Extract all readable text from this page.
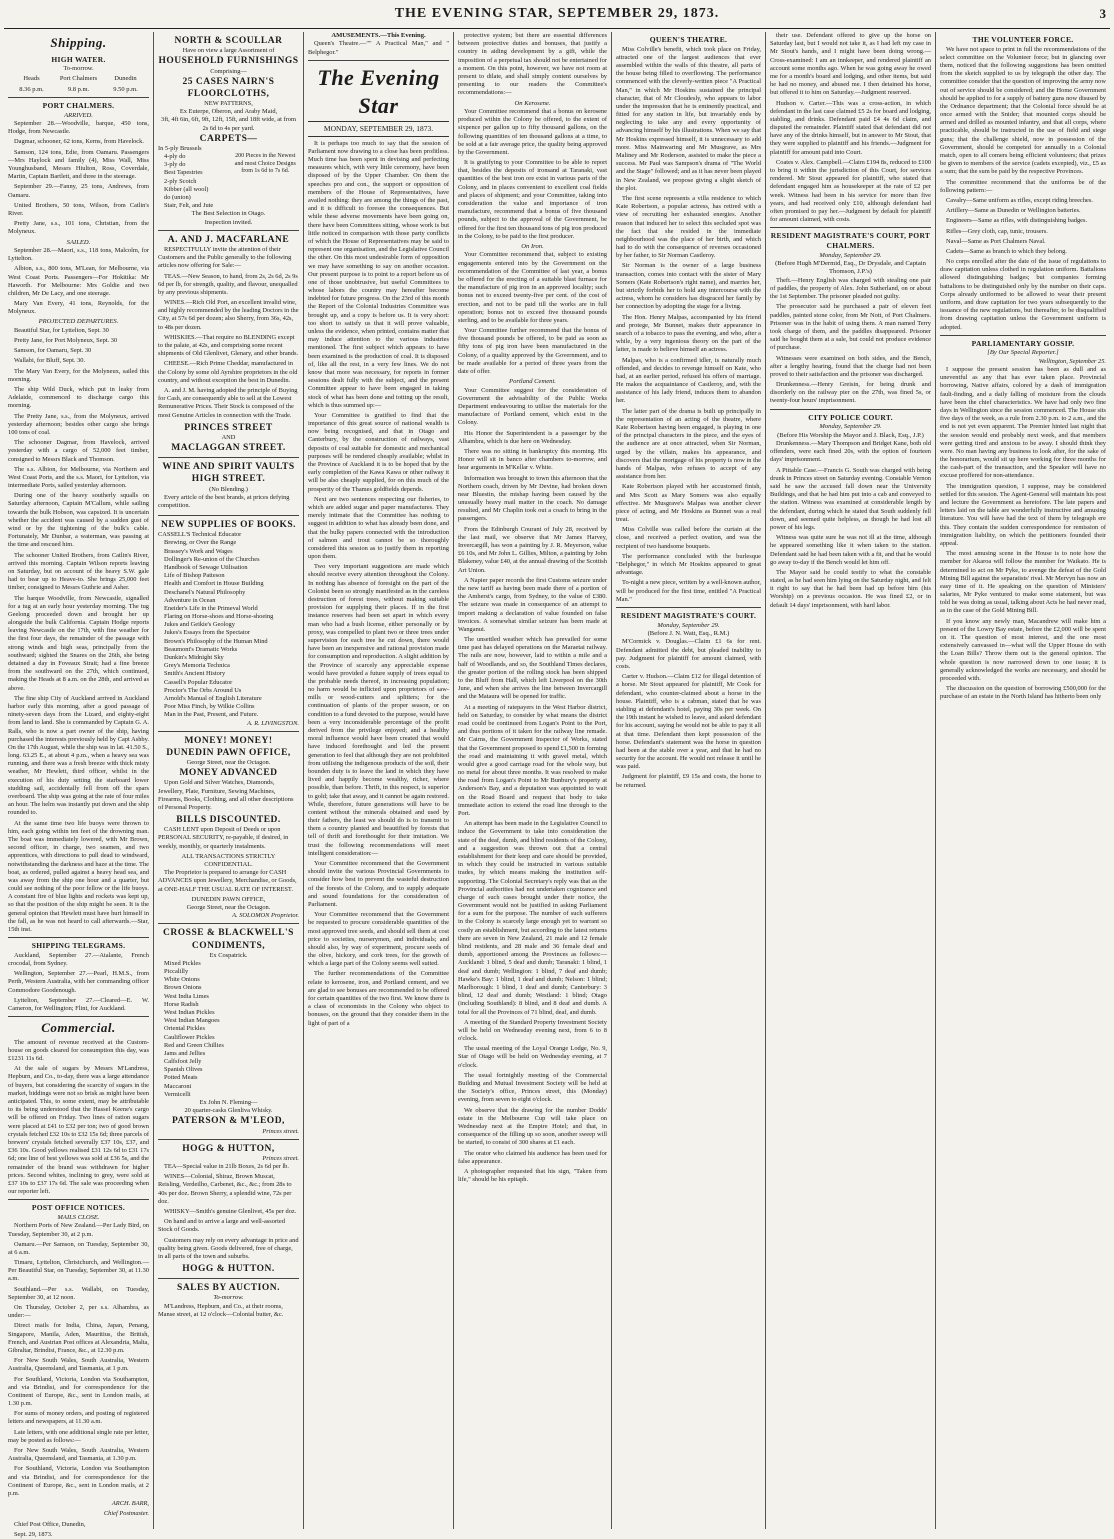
THE EVENING STAR, SEPTEMBER 29, 1873.	3
Shipping.
HIGH WATER.
To-morrow.
Heads	Port Chalmers	Dunedin
8.36 p.m.	9.8 p.m.	9.50 p.m.
PORT CHALMERS.
ARRIVED.

September 28.—Woodville, barque, 450 tons, Hodge, from Newcastle.

Dagmar, schooner, 62 tons, Kerns, from Havelock.

Samson, 124 tons, Edie, from Oamaru. Passengers—Mrs Haylock and family (4), Miss Wall, Miss Younghusband, Messrs Hiulton, Ross, Coverdale, Martin, Captain Bartlett, and three in the steerage.

September 29.—Fanny, 25 tons, Andrews, from Oamaru.

United Brothers, 50 tons, Wilson, from Catlin's River.

Pretty Jane, s.s., 101 tons, Christian, from the Molyneux.

SAILED.

September 28.—Maori, s.s., 118 tons, Malcolm, for Lyttelton.

Albion, s.s., 800 tons, M'Lean, for Melbourne, via West Coast Ports. Passengers—For Hokitika: Mr Haworth. For Melbourne: Mrs Goldie and two children, Mr De Lacy, and one steerage.

Mary Van Every, 41 tons, Reynolds, for the Molyneux.

PROJECTED DEPARTURES.

Beautiful Star, for Lyttelton, Sept. 30

Pretty Jane, for Port Molyneux, Sept. 30

Samson, for Oamaru, Sept. 30

Wallabi, for Bluff, Sept. 30.

The Mary Van Every, for the Molyneux, sailed this morning.

The ship Wild Duck, which put in leaky from Adelaide, commenced to discharge cargo this morning.

The Pretty Jane, s.s., from the Molyneux, arrived yesterday afternoon; besides other cargo she brings 100 tons of coal.

The schooner Dagmar, from Havelock, arrived yesterday with a cargo of 52,000 feet timber, consigned to Messrs Black and Thomson.

The s.s. Albion, for Melbourne, via Northern and West Coast Ports, and the s.s. Maori, for Lyttelton, via intermediate Ports, sailed yesterday afternoon.

During one of the heavy southerly squalls on Saturday afternoon, Captain M'Callum, while sailing towards the bulk Hobson, was capsized. It is uncertain whether the accident was caused by a sudden gust of wind or by the tightening of the bulk's cable. Fortunately, Mr Dunbar, a waterman, was passing at the time and rescued him.

The schooner United Brothers, from Catlin's River, arrived this morning. Captain Wilson reports leaving on Saturday, but on account of the heavy S.W. gale had to bear up to Heave-to. She brings 25,000 feet timber, consigned to Messrs Guthrie and Asher.

The barque Woodville, from Newcastle, signalled for a tug at an early hour yesterday morning. The tug Geelong proceeded down and brought her up alongside the bulk California. Captain Hodge reports leaving Newcastle on the 17th, with fine weather for the first four days, the remainder of the passage with strong winds and high seas, principally from the southward; sighted the Snares on the 26th, she being detained a day in Foveaux Strait; had a fine breeze from the southward on the 27th, which continued, making the Heads at 8 a.m. on the 28th, and arrived as above.

The fine ship City of Auckland arrived in Auckland harbor early this morning, after a good passage of ninety-seven days from the Lizard, and eighty-eight from land to land. She is commanded by Captain G. A. Ralls, who is now a part owner of the ship, having purchased the interests previously held by Capt Ashby. On the 17th August, while the ship was in lat. 41.50 S., long. 63.25 E., at about 4 p.m., when a heavy sea was running, and there was a fresh breeze with thick misty weather, Mr Hewlett, third officer, whilst in the execution of his duty setting the starboard lower studding sail, accidentally fell from off the spars overboard. The ship was going at the rate of four miles an hour. The helm was instantly put down and the ship rounded to.

At the same time two life buoys were thrown to him, each going within ten feet of the drowning man. The boat was immediately lowered, with Mr Brown, second officer, in charge, two seamen, and two apprentices, with directions to pull dead to windward, notwithstanding the darkness and haze at the time. The boat, as ordered, pulled against a heavy head sea, and was away from the ship one hour and a quarter, but could see nothing of the poor fellow or the life buoys. A constant fire of blue lights and rockets was kept up, so that the position of the ship might be seen. It is the general opinion that Hewlett must have hurt himself in the fall, as he was not heard to call afterwards.—Star, 15th inst.

SHIPPING TELEGRAMS.

Auckland, September 27.—Atalante, French crocodal, from Sydney.

Wellington, September 27.—Pearl, H.M.S., from Perth, Western Australia, with her commanding officer Commodore Goodenough.

Lyttelton, September 27.—Cleared—E. W. Cameron, for Wellington; Flint, for Auckland.

Commercial.

The amount of revenue received at the Custom-house on goods cleared for consumption this day, was £1231 11s 6d.

At the sale of sugars by Messrs M'Landress, Hepburn, and Co., to-day, there was a large attendance of buyers, but considering the scarcity of sugars in the market, biddings were not so brisk as might have been anticipated. This, to some extent, may be attributable to its being understood that the Hassel Keene's cargo will be offered on Friday. Two lines of ration sugars were placed at £41 to £32 per ton; two of good brown crystals fetched £32 10s to £32 15s 6d; three parcels of brewers' crystals fetched severally £37 10s, £37, and £36 10s. Good yellows realised £31 12s 6d to £31 17s 6d; one line of best yellows was sold at £36 5s, and the remainder of the brand was withdrawn for higher prices. Second whites, inclining to grey, were sold at £37 10s to £37 17s 6d. The sale was proceeding when our reporter left.

POST OFFICE NOTICES.
MAILS CLOSE.

Northern Ports of New Zealand.—Per Lady Bird, on Tuesday, September 30, at 2 p.m.

Oamaru.—Per Samson, on Tuesday, September 30, at 6 a.m.

Timaru, Lyttelton, Christchurch, and Wellington.—Per Beautiful Star, on Tuesday, September 30, at 11.30 a.m.

Southland.—Per s.s. Wallabi, on Tuesday, September 30, at 12 noon.

On Thursday, October 2, per s.s. Alhambra, as under:—

Direct mails for India, China, Japan, Penang, Singapore, Manila, Aden, Mauritius, the British, French, and Austrian Post offices at Alexandria, Malta, Gibraltar, Brindisi, France, &c., at 12.30 p.m.

For New South Wales, South Australia, Western Australia, Queensland, and Tasmania, at 1 p.m.

For Southland, Victoria, London via Southampton, and via Brindisi, and for correspondence for the Continent of Europe, &c., sent in London mails, at 1.30 p.m.

For sums of money orders, and posting of registered letters and newspapers, at 11.30 a.m.

Late letters, with one additional single rate per letter, may be posted as follows:—

For New South Wales, South Australia, Western Australia, Queensland, and Tasmania, at 1.30 p.m.

For Southland, Victoria, London via Southampton and via Brindisi, and for correspondence for the Continent of Europe, &c., sent in London mails, at 2 p.m.

ARCH. BARR,

Chief Postmaster.

Chief Post Office, Dunedin,

Sept. 29, 1873.

NORTH & SCOULLAR
Have on view a large Assortment of
HOUSEHOLD FURNISHINGS
Comprising—
25 CASES NAIRN'S FLOORCLOTHS,
NEW PATTERNS,
Ex Euterpe, Oberon, and Araby Maid,
3ft, 4ft 6in, 6ft, 9ft, 12ft, 15ft, and 18ft wide, at from 2s 6d to 4s per yard.
CARPETS—
In 5-ply Brussels
4-ply do
3-ply do
Best Tapestries
2-ply Scotch
Kibber (all wool)
do (union)
Stair, Felt, and Jute
200 Pieces in the Newest and most Choice Designs from 1s 6d to 7s 6d.
The Best Selection in Otago.
Inspection invited.
A. AND J. MACFARLANE

RESPECTFULLY invite the attention of their Customers and the Public generally to the following articles now offering for Sale:—

TEAS.—New Season, to hand, from 2s, 2s 6d, 2s 9s 6d per lb, for strength, quality, and flavour, unequalled by any previous shipments.

WINES.—Rich Old Port, an excellent invalid wine, and highly recommended by the leading Doctors in the City, at 57s 6d per dozen; also Sherry, from 36s, 42s, to 48s per dozen.

WHISKIES.—That require no BLENDING except to the palate, at 42s, and comprising some recent shipments of Old Glenlivet, Glenary, and other brands.

CHEESE.—Rich Prime Cheddar, manufactured in the Colony by some old Ayrshire proprietors in the old country, and without exception the best in Dunedin.

A. and J. M. having adopted the principle of Buying for Cash, are consequently able to sell at the Lowest Remunerative Prices. Their Stock is composed of the most Genuine Articles in connection with the Trade.

PRINCES STREET
AND
MACLAGGAN STREET.
WINE AND SPIRIT VAULTS
HIGH STREET.
(No Blending.)

Every article of the best brands, at prices defying competition.

NEW SUPPLIES OF BOOKS.
CASSELL'S Technical Educator
Brewing, or Over the Range
Brassey's Work and Wages
Dollinger's Re-union of the Churches
Handbook of Sewage Utilisation
Life of Bishop Patteson
Health and Comfort in House Building
Deschanel's Natural Philosophy
Adventure in Ocean
Eneider's Life in the Primeval World
Flaring on Horse-shoes and Horse-shoeing
Jukes and Geikie's Geology
Jukes's Essays from the Spectator
Brown's Philosophy of the Human Mind
Beaumont's Dramatic Works
Dunkin's Midnight Sky
Grey's Memoria Technica
Smith's Ancient History
Cassell's Popular Educator
Proctor's The Orbs Around Us
Arnold's Manual of English Literature
Poor Miss Finch, by Wilkie Collins
Man in the Past, Present, and Future.
A. R. LIVINGSTON.
MONEY! MONEY!
DUNEDIN PAWN OFFICE,
George Street, near the Octagon.
MONEY ADVANCED

Upon Gold and Silver Watches, Diamonds, Jewellery, Plate, Furniture, Sewing Machines, Firearms, Books, Clothing, and all other descriptions of Personal Property.

BILLS DISCOUNTED.

CASH LENT upon Deposit of Deeds or upon PERSONAL SECURITY, re-payable, if desired, in weekly, monthly, or quarterly instalments.

ALL TRANSACTIONS STRICTLY CONFIDENTIAL.

The Proprietor is prepared to arrange for CASH ADVANCES upon Jewellery, Merchandise, or Goods, at ONE-HALF THE USUAL RATE OF INTEREST.

DUNEDIN PAWN OFFICE,
George Street, near the Octagon.
A. SOLOMON Proprietor.
CROSSE & BLACKWELL'S CONDIMENTS,
Ex Cospatrick.
Mixed Pickles
Piccalilly
White Onions
Brown Onions
West India Limes
Horse Radish
West Indian Pickles
West Indian Mangoes
Oriental Pickles
Cauliflower Pickles
Red and Green Chillies
Jams and Jellies
Calfsfoot Jelly
Spanish Olives
Potted Meats
Maccaroni
Vermicelli
Ex John N. Fleming—
20 quarter-casks Glenliva Whisky.
PATERSON & M'LEOD,
Princes street.
HOGG & HUTTON,
Princes street.

TEA—Special value in 21lb Boxes, 2s 6d per lb.

WINES—Colonial, Shiraz, Brown Muscat, Reisling, Verdeilho, Carbenet, &c., &c.; from 28s to 40s per doz. Brown Sherry, a splendid wine, 72s per doz.

WHISKY—Smith's genuine Glenlivet, 45s per doz.

On hand and to arrive a large and well-assorted Stock of Goods.

Customers may rely on every advantage in price and quality being given. Goods delivered, free of charge, in all parts of the town and suburbs.

HOGG & HUTTON.
SALES BY AUCTION.
To-morrow.

M'Landress, Hepburn, and Co., at their rooms, Manse street, at 12 o'clock—Colonial butter, &c.

AMUSEMENTS.—This Evening.

Queen's Theatre.—"" A Practical Man," and " Belphegor."

The Evening Star
MONDAY, SEPTEMBER 29, 1873.

It is perhaps too much to say that the session of Parliament now drawing to a close has been profitless. Much time has been spent in devising and perfecting measures which, with very little ceremony, have been disposed of by the Upper Chamber. On them the speeches pro and con., the support or opposition of members of the House of Representatives, have availed nothing: they are among the things of the past, and it is difficult to foresee the consequences. But while these adverse movements have been going on, there have been Committees sitting, whose work is but little noticed in comparison with those party conflicts of which the House of Representatives may be said to represent one organisation, and the Legislative Council the other. On this most undesirable form of opposition we may have something to say on another occasion. Our present purpose is to point to a report before us of one of those unobtrusive, but useful Committees to whose labors the country may hereafter become indebted for future progress. On the 23rd of this month the Report of the Colonial Industries Committee was brought up, and a copy is before us. It is very short: too short to satisfy us that it will prove valuable, unless the evidence, when printed, contains matter that may induce attention to the various industries mentioned. The first subject which appears to have been examined is the production of coal. It is disposed of, like all the rest, in a very few lines. We do not know that more was necessary, for reports in former sessions dealt fully with the subject, and the present Committee appear to have been engaged in taking stock of what has been done and totting up the result, which is thus summed up:—

Your Committee is gratified to find that the importance of this great source of national wealth is now being recognised, and that in Otago and Canterbury, by the construction of railways, vast deposits of coal suitable for domestic and mechanical purposes will be rendered cheaply available; whilst in the Province of Auckland it is to be hoped that by the early completion of the Kawa Kawa or other railway it will be also cheaply supplied, for on this much of the prosperity of the Thames goldfields depends.

Next are two sentences respecting our fisheries, to which are added sugar and paper manufactures. They merely intimate that the Committee has nothing to suggest in addition to what has already been done, and that the bulky papers connected with the introduction of salmon and trout cannot be so thoroughly considered this session as to justify them in reporting upon them.

Two very important suggestions are made which should receive every attention throughout the Colony. In nothing has absence of foresight on the part of the Colonist been so strongly manifested as in the careless destruction of forest trees, without making suitable provision for supplying their places. If in the first instance reserves had been set apart in which every man who had a bush license, either personally or by proxy, was compelled to plant two or three trees under supervision for each tree he cut down, there would have been an inexpensive and rational provision made for consumption and reproduction. A slight addition by the Province of scarcely any appreciable expense would have provided a future supply of trees equal to the probable needs thereof, in increasing population; no harm would be inflicted upon proprietors of saw-mills or wood-cutters and splitters; for the continuation of plants of the proper season, or on condition to a fund devoted to the purpose, would have been a very inconsiderable percentage of the profit derived from the privilege enjoyed; and a healthy moral influence would have been created that would have induced forethought and led the present generation to feel that although they are not prohibited from utilising the indigenous products of the soil, their bounden duty is to leave the land in which they have lived and happily become wealthy, richer, where possible, than before. Thrift, in this respect, is superior to gold; take that away, and it cannot be again restored. While, therefore, future generations will have to be content without the minerals obtained and used by their fathers, the least we should do is to transmit to them a country planted and beautified by forests that tell of thrift and forethought for their imitation. We trust the following recommendations will meet intelligent consideration:—

Your Committee recommend that the Government should invite the various Provincial Governments to consider how best to prevent the wasteful destruction of the forests of the Colony, and to supply adequate and sound foundations for the consideration of Parliament.

Your Committee recommend that the Government be requested to procure considerable quantities of the most approved tree seeds, and should sell them at cost price to societies, nurserymen, and individuals; and should also, by way of experiment, procure seeds of the olive, hickory, and cork trees, for the growth of which a large part of the Colony seems well suited.

The further recommendations of the Committee relate to kerosene, iron, and Portland cement, and we are glad to see bonuses are recommended to be offered for certain quantities of the two first. We know there is a class of economists in the Colony who object to bonuses, on the ground that they consider them in the light of part of a

protective system; but there are essential differences between protective duties and bonuses, that justify a country in aiding development by a gift, while the imposition of a perpetual tax should not be entertained for a moment. On this point, however, we have not room at present to dilate, and shall simply content ourselves by presenting to our readers the Committee's recommendations:—

On Kerosene.

Your Committee recommend that a bonus on kerosene produced within the Colony be offered, to the extent of sixpence per gallon up to fifty thousand gallons, on the following quantities of ten thousand gallons at a time, to be sold at a fair average price, the quality being approved by the Government.

It is gratifying to your Committee to be able to report that, besides the deposits of ironsand at Taranaki, vast quantities of the best iron ore exist in various parts of the Colony, and in places convenient to excellent coal fields and places of shipment; and your Committee, taking into consideration the value and importance of iron manufacture, recommend that a bonus of five thousand pounds, subject to the approval of the Government, be offered for the first ten thousand tons of pig iron produced in the Colony, to be paid to the first producer.

On Iron.

Your Committee recommend that, subject to existing engagements entered into by the Government on the recommendation of the Committee of last year, a bonus be offered for the erecting of a suitable blast furnace for the manufacture of pig iron in an approved locality; such bonus not to exceed twenty-five per cent. of the cost of erection, and not to be paid till the works are in full operation; bonus not to exceed five thousand pounds sterling, and to be available for three years.

Your Committee further recommend that the bonus of five thousand pounds be offered, to be paid as soon as fifty tons of pig iron have been manufactured in the Colony, of a quality approved by the Government, and to be made available for a period of three years from the date of offer.

Portland Cement.

Your Committee suggest for the consideration of Government the advisability of the Public Works Department endeavouring to utilise the materials for the manufacture of Portland cement, which exist in the Colony.

His Honor the Superintendent is a passenger by the Alhambra, which is due here on Wednesday.

There was no sitting in bankruptcy this morning. His Honor will sit in banco after chambers to-morrow, and hear arguments in M'Kellar v. White.

Information was brought to town this afternoon that the Northern coach, driven by Mr Devine, had broken down near Bluestin, the mishap having been caused by the unusually heavy mail matter in the coach. No damage resulted, and Mr Chaplin took out a coach to bring in the passengers.

From the Edinburgh Courant of July 28, received by the last mail, we observe that Mr James Harvey, Invercargill, has won a painting by J. R. Meyerson, value £6 10s, and Mr John L. Gillies, Milton, a painting by John Blakeney, value £40, at the annual drawing of the Scottish Art Union.

A Napier paper records the first Customs seizure under the new tariff as having been made there of a portion of the Amherst's cargo, from Sydney, to the value of £380. The seizure was made in consequence of an attempt to import making a declaration of value founded on false invoices. A somewhat similar seizure has been made at Wanganui.

The unsettled weather which has prevailed for some time past has delayed operations on the Maraetai railway. The rails are now, however, laid to within a mile and a half of Woodlands, and so, the Southland Times declares, the greater portion of the rolling stock has been shipped to the Bluff from Hall, which left Liverpool on the 30th June, and when she arrives the line between Invercargill and the Mataura will be opened for traffic.

At a meeting of ratepayers in the West Harbor district, held on Saturday, to consider by what means the district road could be continued from Logan's Point to the Port, and thus portions of it taken for the railway line remade. Mr Cairns, the Government Inspector of Works, stated that the Government proposed to spend £1,500 in forming the road and maintaining it with gravel metal, which would give a good carriage road for the whole way, but no metal for about three months. It was resolved to make the road from Logan's Point to Mr Bunbury's property at Anderson's Bay, and a deputation was appointed to wait on the Road Board and request that body to take immediate action to extend the road line through to the Port.

An attempt has been made in the Legislative Council to induce the Government to take into consideration the state of the deaf, dumb, and blind residents of the Colony, and a suggestion was thrown out that a central establishment for their keep and care should be provided, in which they could be instructed in various suitable trades, by which means making the institution self-supporting. The Colonial Secretary's reply was that as the Provincial authorities had not undertaken cognizance and charge of such cases brought under their notice, the Government would not be justified in asking Parliament for a sum for the purpose. The number of such sufferers in the Colony is scarcely large enough yet to warrant so costly an establishment, but according to the latest returns there are seven in New Zealand, 21 male and 12 female blind residents, and 28 male and 36 female deaf and dumb, apportioned among the Provinces as follows:—Auckland: 1 blind, 5 deaf and dumb; Taranaki: 1 blind, 1 deaf and dumb; Wellington: 1 blind, 7 deaf and dumb; Hawke's Bay: 1 blind, 1 deaf and dumb; Nelson: 1 blind; Marlborough: 1 blind, 1 deaf and dumb; Canterbury: 3 blind, 12 deaf and dumb; Westland: 1 blind; Otago (including Southland): 8 blind, and 8 deaf and dumb. A total for all the Provinces of 71 blind, deaf, and dumb.

A meeting of the Standard Property Investment Society will be held on Wednesday evening next, from 6 to 8 o'clock.

The usual meeting of the Loyal Orange Lodge, No. 9, Star of Otago will be held on Wednesday evening, at 7 o'clock.

The usual fortnightly meeting of the Commercial Building and Mutual Investment Society will be held at the Society's office, Princes street, this (Monday) evening, from seven to eight o'clock.

We observe that the drawing for the number Dodds' estate in the Melbourne Cup will take place on Wednesday next at the Empire Hotel; and that, in consequence of the filling up so soon, another sweep will be started, to consist of 300 shares at £1 each.

The orator who claimed his audience has been used for false appearance.

A photographer requested that his sign, "Taken from life," should be his epitaph.

QUEEN'S THEATRE.

Miss Colville's benefit, which took place on Friday, attracted one of the largest audiences that ever assembled within the walls of this theatre, all parts of the house being filled to overflowing. The performance commenced with the cleverly-written piece "A Practical Man," in which Mr Hoskins sustained the principal character, that of Mr Cloudesly, who appears to labor under the impression that he is eminently practical, and fitted for any station in life, but invariably ends by neglecting to take any and every opportunity of advancing himself by his illustrations. When we say that Mr Hoskins expressed himself, it is unnecessary to add more. Miss Mainwaring and Mr Musgrave, as Mrs Maliney and Mr Roderson, assisted to make the piece a success. Mr Paul was Sampson's drama of "The World and the Stage" followed; and as it has never been played in New Zealand, we propose giving a slight sketch of the plot.

The first scene represents a villa residence to which Kate Robertson, a popular actress, has retired with a view of recruiting her exhausted energies. Another reason that induced her to select this secluded spot was the fact that she resided in the immediate neighbourhood was the place of her birth, and which had to do with the consequence of reverses occasioned by her father, to Sir Norman Castleroy.

Sir Norman is the owner of a large business transaction, comes into contact with the sister of Mary Somers (Kate Robertson's right name), and marries her, but strictly forbids her to hold any intercourse with the actress, whom he considers has disgraced her family by her connection by adopting the stage for a living.

The Hon. Henry Malpas, accompanied by his friend and protege, Mr Bunnet, makes their appearance in search of a tobacco to pass the evening, and who, after a while, by a very ingenious theory on the part of the latter, is made to believe himself an actress.

Malpas, who is a confirmed idler, is naturally much offended, and decides to revenge himself on Kate, who had, at an earlier period, refused his offers of marriage. He makes the acquaintance of Castleroy, and, with the assistance of his lady friend, induces them to abandon her.

The latter part of the drama is built up principally in the representation of an acting of the theatre, where Kate Robertson having been engaged, is playing in one of the principal characters in the piece, and the eyes of the audience are at once attracted, when Sir Norman, urged by the villain, makes his appearance, and discovers that the mortgage of his property is now in the hands of Malpas, who refuses to accept of any assistance from her.

Kate Robertson played with her accustomed finish, and Mrs Scott as Mary Somers was also equally effective. Mr Musgrave's Malpas was another clever piece of acting, and Mr Hoskins as Bunnet was a real treat.

Miss Colville was called before the curtain at the close, and received a perfect ovation, and was the recipient of two handsome bouquets.

The performance concluded with the burlesque "Belphegor," in which Mr Hoskins appeared to great advantage.

To-night a new piece, written by a well-known author, will be produced for the first time, entitled "A Practical Man."

RESIDENT MAGISTRATE'S COURT.
Monday, September 29.
(Before J. N. Watt, Esq., R.M.)

M'Cormick v. Douglas.—Claim £1 6s for rent. Defendant admitted the debt, but pleaded inability to pay. Judgment for plaintiff for amount claimed, with costs.

Carter v. Hudson.—Claim £12 for illegal detention of a horse. Mr Stout appeared for plaintiff, Mr Cook for defendant, who counter-claimed about a horse in the house. Plaintiff, who is a cabman, stated that he was stabling at defendant's hotel, paying 30s per week. On the 19th instant he wished to leave, and asked defendant for his account, saying he would not be able to pay it all at that time. Defendant then kept possession of the horse. Defendant's statement was the horse in question had been at the stable over a year, and that he had no security for the account. He would not release it until he was paid.

Judgment for plaintiff, £9 15s and costs, the horse to be returned.

their use. Defendant offered to give up the horse on Saturday last, but I would not take it, as I had left my case in Mr Stout's hands, and I might have been doing wrong.—Cross-examined: I am an innkeeper, and rendered plaintiff an account some months ago. When he was going away he owed me for a month's board and lodging, and other items, but said he had no money, and abused me. I then detained his horse, but offered it to him on Saturday.—Judgment reserved.

Hudson v. Carter.—This was a cross-action, in which defendant in the last case claimed £5 2s for board and lodging, stabling, and drinks. Defendant paid £4 4s 6d claim, and disputed the remainder. Plaintiff stated that defendant did not have any of the drinks himself, but in answer to Mr Stout, that they were supplied to plaintiff and his friends.—Judgment for plaintiff for amount paid into Court.

Coates v. Alex. Campbell.—Claim £194 8s, reduced to £100 to bring it within the jurisdiction of this Court, for services rendered. Mr Stout appeared for plaintiff, who stated that defendant engaged him as housekeeper at the rate of £2 per week. Witness had been in his service for more than five years, and had received only £10, although defendant had often promised to pay her.—Judgment by default for plaintiff for amount claimed, with costs.

RESIDENT MAGISTRATE'S COURT, PORT CHALMERS.
Monday, September 29.
(Before Hugh M'Dermid, Esq., Dr Drysdale, and Captain Thomson, J.P.'s)

Theft.—Henry English was charged with stealing one pair of paddles, the property of Alex. John Sutherland, on or about the 1st September. The prisoner pleaded not guilty.

The prosecutor said he purchased a pair of eleven feet paddles, painted stone color, from Mr Nott, of Port Chalmers. Prisoner was in the habit of using them. A man named Terry took charge of them, and the paddles disappeared. Prisoner said he bought them at a sale, but could not produce evidence of purchase.

Witnesses were examined on both sides, and the Bench, after a lengthy hearing, found that the charge had not been proved to their satisfaction and the prisoner was discharged.

Drunkenness.—Henry Greisin, for being drunk and disorderly on the railway pier on the 27th, was fined 5s, or twenty-four hours' imprisonment.

CITY POLICE COURT.
Monday, September 29.
(Before His Worship the Mayor and J. Black, Esq., J.P.)

Drunkenness.—Mary Thompson and Bridget Kane, both old offenders, were each fined 20s, with the option of fourteen days' imprisonment.

A Pitiable Case.—Francis G. South was charged with being drunk in Princes street on Saturday evening. Constable Vernon said he saw the accused fall down near the University Buildings, and that he had him put into a cab and conveyed to the station. Witness was examined at considerable length by the defendant, during which he stated that South suddenly fell down, and seemed quite helpless, as though he had lost all power of his legs.

Witness was quite sure he was not ill at the time, although he appeared something like it when taken to the station. Defendant said he had been taken with a fit, and that he would go away to-day if the Bench would let him off.

The Mayor said he could testify to what the constable stated, as he had seen him lying on the Saturday night, and felt it right to say that he had been had up before him (his Worship) on a previous occasion. He was fined £2, or in default 14 days' imprisonment, with hard labor.

THE VOLUNTEER FORCE.

We have not space to print in full the recommendations of the select committee on the Volunteer force; but in glancing over them, noticed that the following suggestions has been omitted from the sketch supplied to us by telegraph the other day. The committee consider that the question of improving the army now out of service should be considered; and the Home Government should be applied to for a supply of battery guns now disused by the Ordnance department; that the Colonial force should be at once armed with the Snider; that mounted corps should be armed and drilled as mounted infantry, and that all corps, where practicable, should be instructed in the use of field and siege guns; that the challenge shield, now in possession of the Government, should be competed for annually in a Colonial match, open to all comers being efficient volunteers; that prizes be given to members of the service (cadets excepted), viz., £5 as a sum; that the sum be paid by the respective Provinces.

The committee recommend that the uniforms be of the following pattern:—

Cavalry—Same uniform as rifles, except riding breeches.

Artillery—Same as Dunedin or Wellington batteries.

Engineers—Same as rifles, with distinguishing badges.

Rifles—Grey cloth, cap, tunic, trousers.

Naval—Same as Port Chalmers Naval.

Cadets—Same as branch to which they belong.

No corps enrolled after the date of the issue of regulations to draw capitation unless clothed in regulation uniform. Battalions allowed distinguishing badges; but companies forming battalions to be distinguished only by the number on their caps. Corps already uniformed to be allowed to wear their present uniform, and draw capitation for two years subsequently to the issuance of the new regulations, but thereafter, to be disqualified from drawing capitation unless the Government uniform is adopted.

PARLIAMENTARY GOSSIP.
[By Our Special Reporter.]
Wellington, September 25.

I suppose the present session has been as dull and as uneventful as any that has ever taken place. Provincial borrowing, Native affairs, colored by a dash of immigration fault-finding, and a daily falling of moisture from the clouds have been the chief characteristics. We have had only two fine days in Wellington since the session commenced. The House sits five days of the week, as a rule from 2.30 p.m. to 2 a.m., and the end is not yet even apparent. The Premier hinted last night that the session would end probably next week, and that members were getting tired and anxious to be away. I should think they were. No man having any business to look after, for the sake of the honorarium, would sit up here working for three months for the cash-part of the transaction, and the Speaker will have no excuse proffered for non-attendance.

The immigration question, I suppose, may be considered settled for this session. The Agent-General will maintain his post and lecture the Government as heretofore. The late papers and letters laid on the table are wonderfully instructive and amusing literature. You will have had the text of them by telegraph ere this. They contain the sudden correspondence for remission of immigration liability, on which the petitioners founded their appeal.

The most amusing scene in the House is to note how the member for Akaroa will follow the member for Waikato. He is determined to act on Mr Pyke, to avenge the defeat of the Gold Mining Bill against the separatists' rival. Mr Mervyn has now an easy time of it. He speaking on the question of Ministers' salaries, Mr Pyke ventured to make some statement, but was told he was doing as usual, talking about Acts he had never read, as in the case of the Gold Mining Bill.

If you know any newly man, Macandrew will make him a present of the Lowry Bay estate, before the £2,000 will be spent on it. The question of most interest, and the one most extensively canvassed in—what will the Upper House do with the Loan Bills? Throw them out is the general opinion. The whole question is now narrowed down to one issue; it is generally acknowledged the works are necessary, and should be proceeded with.

The discussion on the question of borrowing £500,000 for the purchase of an estate in the North Island has hitherto been only
